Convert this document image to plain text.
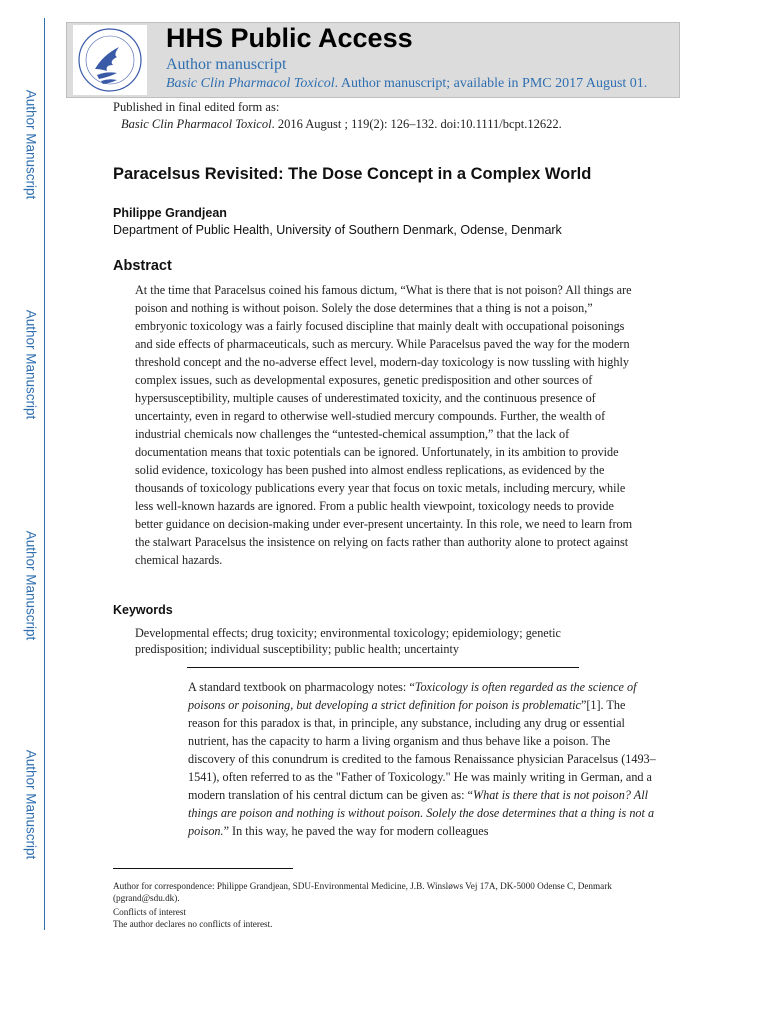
Author Manuscript
Author Manuscript
Author Manuscript
Author Manuscript
HHS Public Access
Author manuscript
Basic Clin Pharmacol Toxicol. Author manuscript; available in PMC 2017 August 01.
Published in final edited form as:
Basic Clin Pharmacol Toxicol. 2016 August ; 119(2): 126–132. doi:10.1111/bcpt.12622.
Paracelsus Revisited: The Dose Concept in a Complex World
Philippe Grandjean
Department of Public Health, University of Southern Denmark, Odense, Denmark
Abstract

At the time that Paracelsus coined his famous dictum, “What is there that is not poison? All things are poison and nothing is without poison. Solely the dose determines that a thing is not a poison,” embryonic toxicology was a fairly focused discipline that mainly dealt with occupational poisonings and side effects of pharmaceuticals, such as mercury. While Paracelsus paved the way for the modern threshold concept and the no-adverse effect level, modern-day toxicology is now tussling with highly complex issues, such as developmental exposures, genetic predisposition and other sources of hypersusceptibility, multiple causes of underestimated toxicity, and the continuous presence of uncertainty, even in regard to otherwise well-studied mercury compounds. Further, the wealth of industrial chemicals now challenges the “untested-chemical assumption,” that the lack of documentation means that toxic potentials can be ignored. Unfortunately, in its ambition to provide solid evidence, toxicology has been pushed into almost endless replications, as evidenced by the thousands of toxicology publications every year that focus on toxic metals, including mercury, while less well-known hazards are ignored. From a public health viewpoint, toxicology needs to provide better guidance on decision-making under ever-present uncertainty. In this role, we need to learn from the stalwart Paracelsus the insistence on relying on facts rather than authority alone to protect against chemical hazards.

Keywords

Developmental effects; drug toxicity; environmental toxicology; epidemiology; genetic predisposition; individual susceptibility; public health; uncertainty

A standard textbook on pharmacology notes: “Toxicology is often regarded as the science of poisons or poisoning, but developing a strict definition for poison is problematic”[1]. The reason for this paradox is that, in principle, any substance, including any drug or essential nutrient, has the capacity to harm a living organism and thus behave like a poison. The discovery of this conundrum is credited to the famous Renaissance physician Paracelsus (1493–1541), often referred to as the "Father of Toxicology." He was mainly writing in German, and a modern translation of his central dictum can be given as: “What is there that is not poison? All things are poison and nothing is without poison. Solely the dose determines that a thing is not a poison.” In this way, he paved the way for modern colleagues

Author for correspondence: Philippe Grandjean, SDU-Environmental Medicine, J.B. Winsløws Vej 17A, DK-5000 Odense C, Denmark (pgrand@sdu.dk).

Conflicts of interest
The author declares no conflicts of interest.
